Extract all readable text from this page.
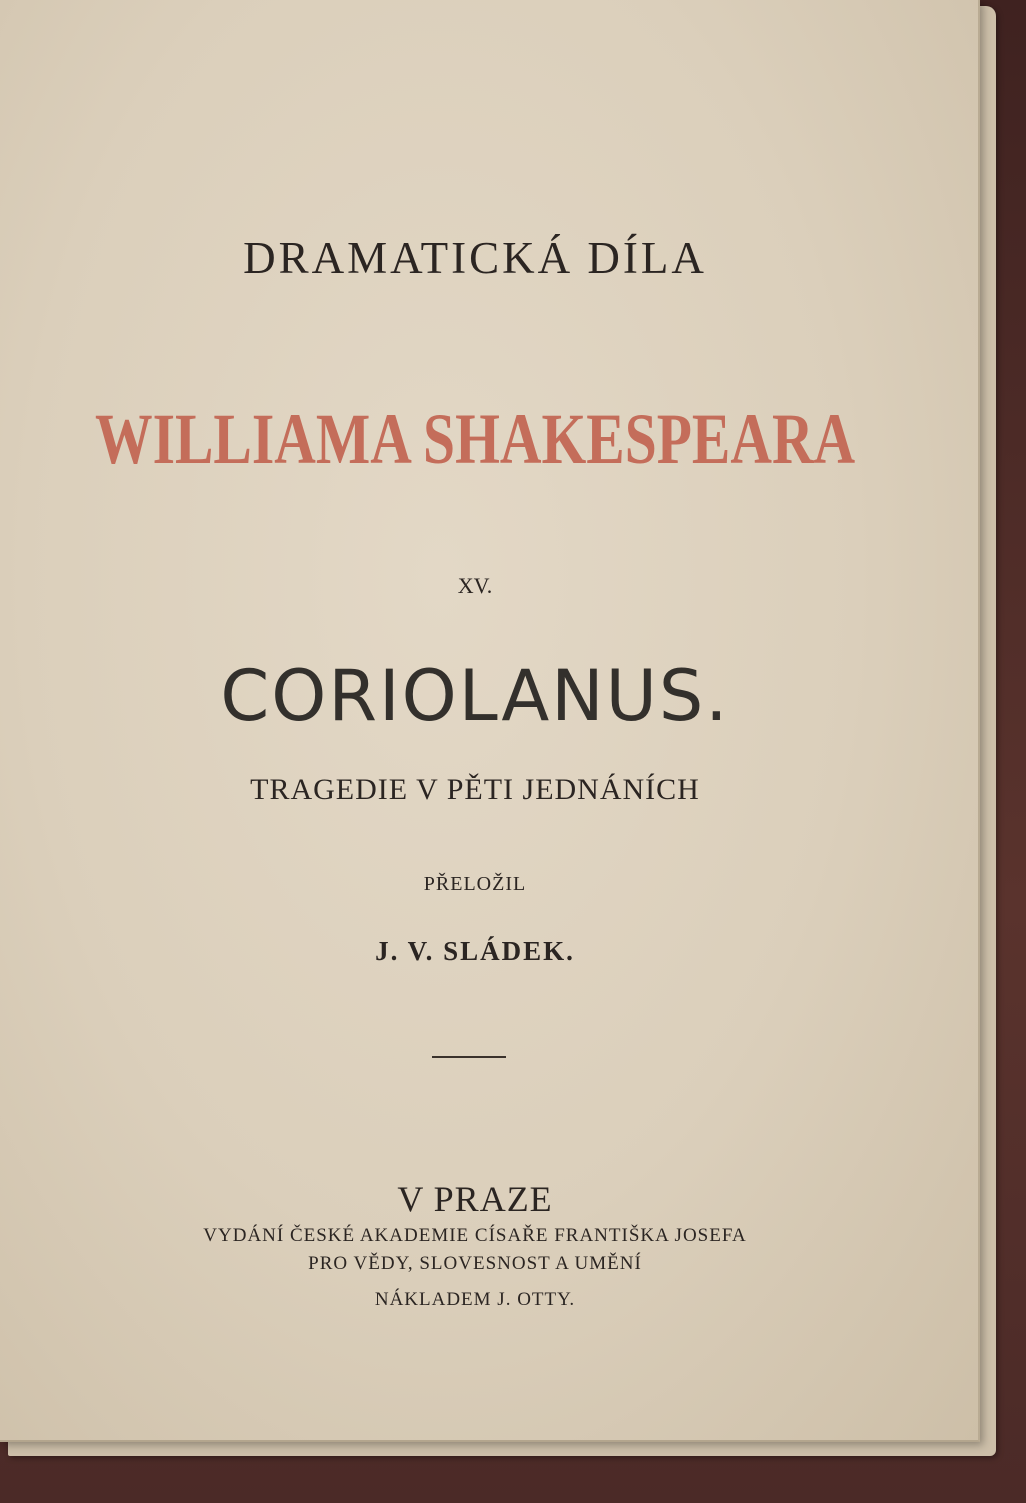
DRAMATICKÁ DÍLA
WILLIAMA SHAKESPEARA
XV.
CORIOLANUS.
TRAGEDIE V PĚTI JEDNÁNÍCH
PŘELOŽIL
J. V. SLÁDEK.
V PRAZE
VYDÁNÍ ČESKÉ AKADEMIE CÍSAŘE FRANTIŠKA JOSEFA
PRO VĚDY, SLOVESNOST A UMĚNÍ
NÁKLADEM J. OTTY.
